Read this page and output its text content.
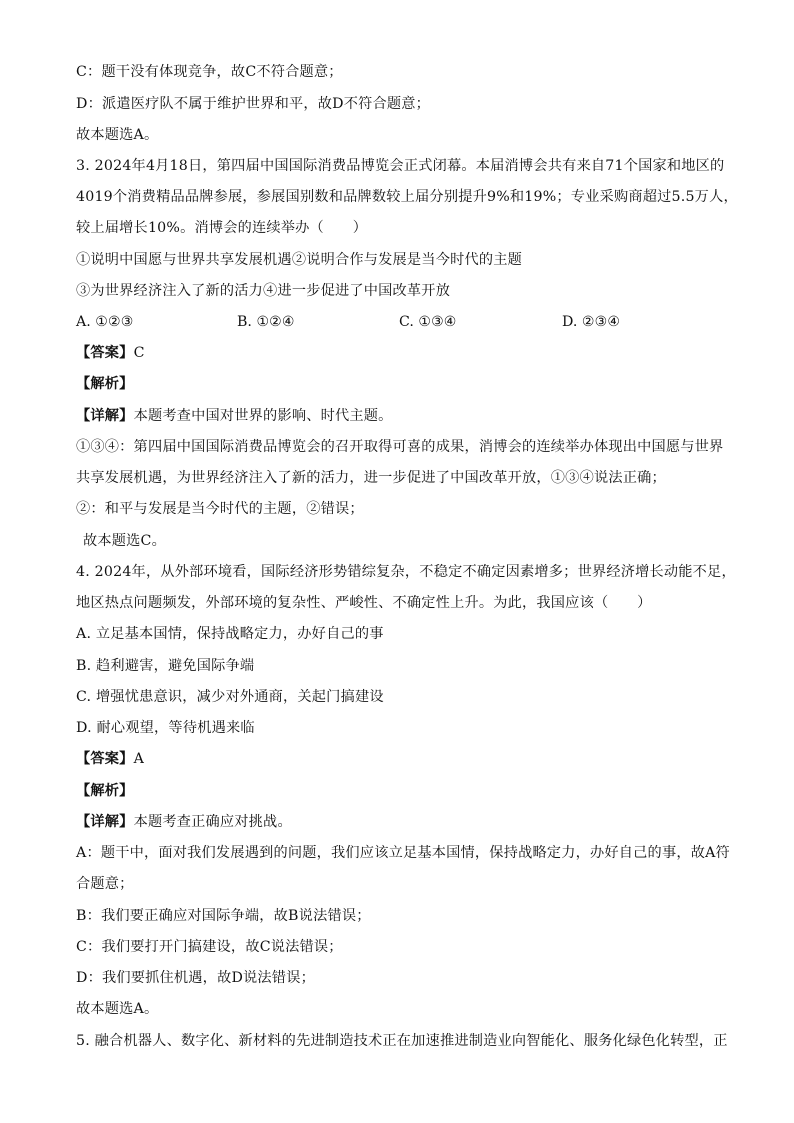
C：题干没有体现竞争，故C不符合题意；
D：派遣医疗队不属于维护世界和平，故D不符合题意；
故本题选A。
3. 2024年4月18日，第四届中国国际消费品博览会正式闭幕。本届消博会共有来自71个国家和地区的
4019个消费精品品牌参展，参展国别数和品牌数较上届分别提升9%和19%；专业采购商超过5.5万人，
较上届增长10%。消博会的连续举办（　　）
①说明中国愿与世界共享发展机遇②说明合作与发展是当今时代的主题
③为世界经济注入了新的活力④进一步促进了中国改革开放
A. ①②③	B. ①②④	C. ①③④	D. ②③④
【答案】C
【解析】
【详解】本题考查中国对世界的影响、时代主题。
①③④：第四届中国国际消费品博览会的召开取得可喜的成果，消博会的连续举办体现出中国愿与世界
共享发展机遇，为世界经济注入了新的活力，进一步促进了中国改革开放，①③④说法正确；
②：和平与发展是当今时代的主题，②错误；
故本题选C。
4. 2024年，从外部环境看，国际经济形势错综复杂，不稳定不确定因素增多；世界经济增长动能不足，
地区热点问题频发，外部环境的复杂性、严峻性、不确定性上升。为此，我国应该（　　）
A. 立足基本国情，保持战略定力，办好自己的事
B. 趋利避害，避免国际争端
C. 增强忧患意识，减少对外通商，关起门搞建设
D. 耐心观望，等待机遇来临
【答案】A
【解析】
【详解】本题考查正确应对挑战。
A：题干中，面对我们发展遇到的问题，我们应该立足基本国情，保持战略定力，办好自己的事，故A符
合题意；
B：我们要正确应对国际争端，故B说法错误；
C：我们要打开门搞建设，故C说法错误；
D：我们要抓住机遇，故D说法错误；
故本题选A。
5. 融合机器人、数字化、新材料的先进制造技术正在加速推进制造业向智能化、服务化绿色化转型，正
